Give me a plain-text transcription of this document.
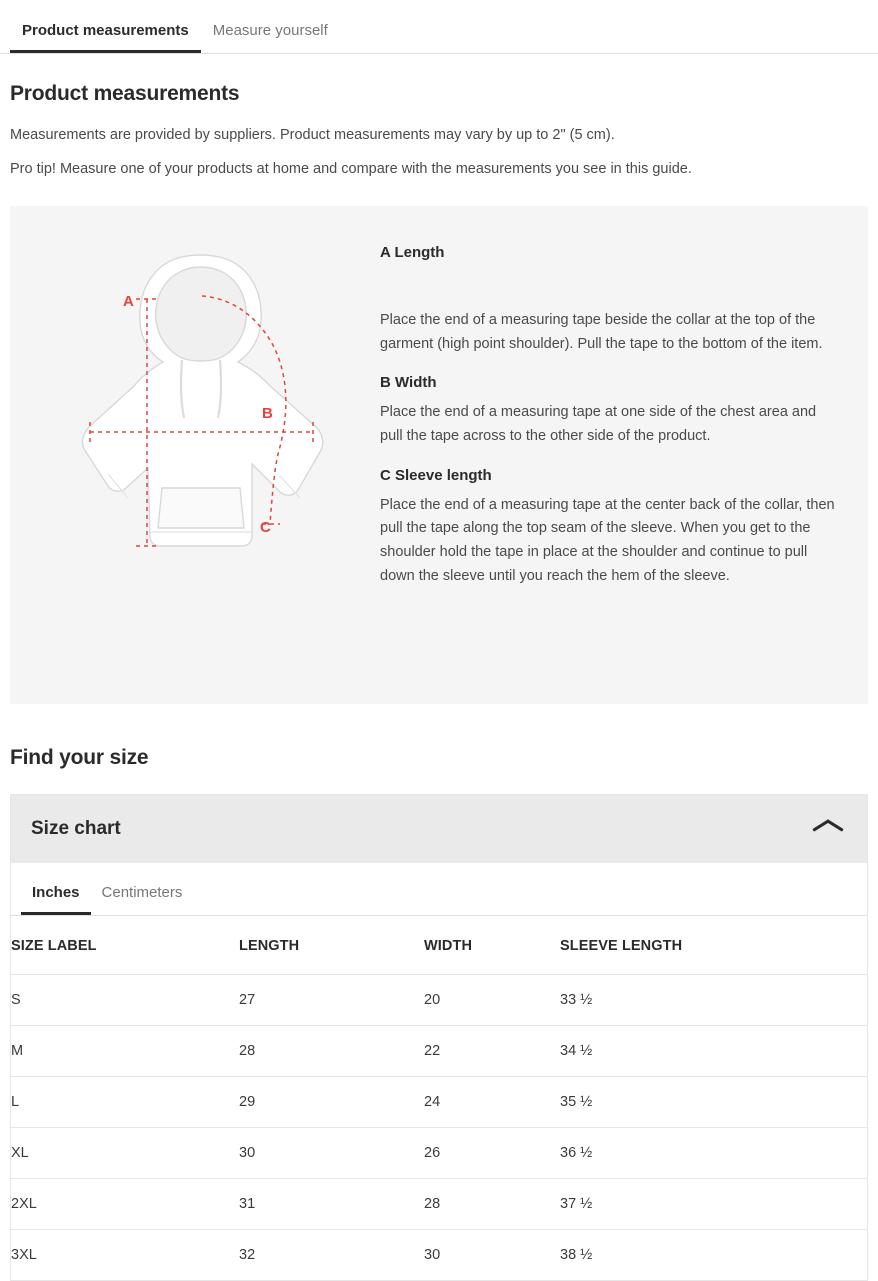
Product measurements	Measure yourself
Product measurements

Measurements are provided by suppliers. Product measurements may vary by up to 2" (5 cm).

Pro tip! Measure one of your products at home and compare with the measurements you see in this guide.

A
B
C
A Length

Place the end of a measuring tape beside the collar at the top of the garment (high point shoulder). Pull the tape to the bottom of the item.

B Width

Place the end of a measuring tape at one side of the chest area and pull the tape across to the other side of the product.

C Sleeve length

Place the end of a measuring tape at the center back of the collar, then pull the tape along the top seam of the sleeve. When you get to the shoulder hold the tape in place at the shoulder and continue to pull down the sleeve until you reach the hem of the sleeve.

Find your size
Size chart
Inches	Centimeters
SIZE LABEL	LENGTH	WIDTH	SLEEVE LENGTH
S	27	20	33 ½
M	28	22	34 ½
L	29	24	35 ½
XL	30	26	36 ½
2XL	31	28	37 ½
3XL	32	30	38 ½
